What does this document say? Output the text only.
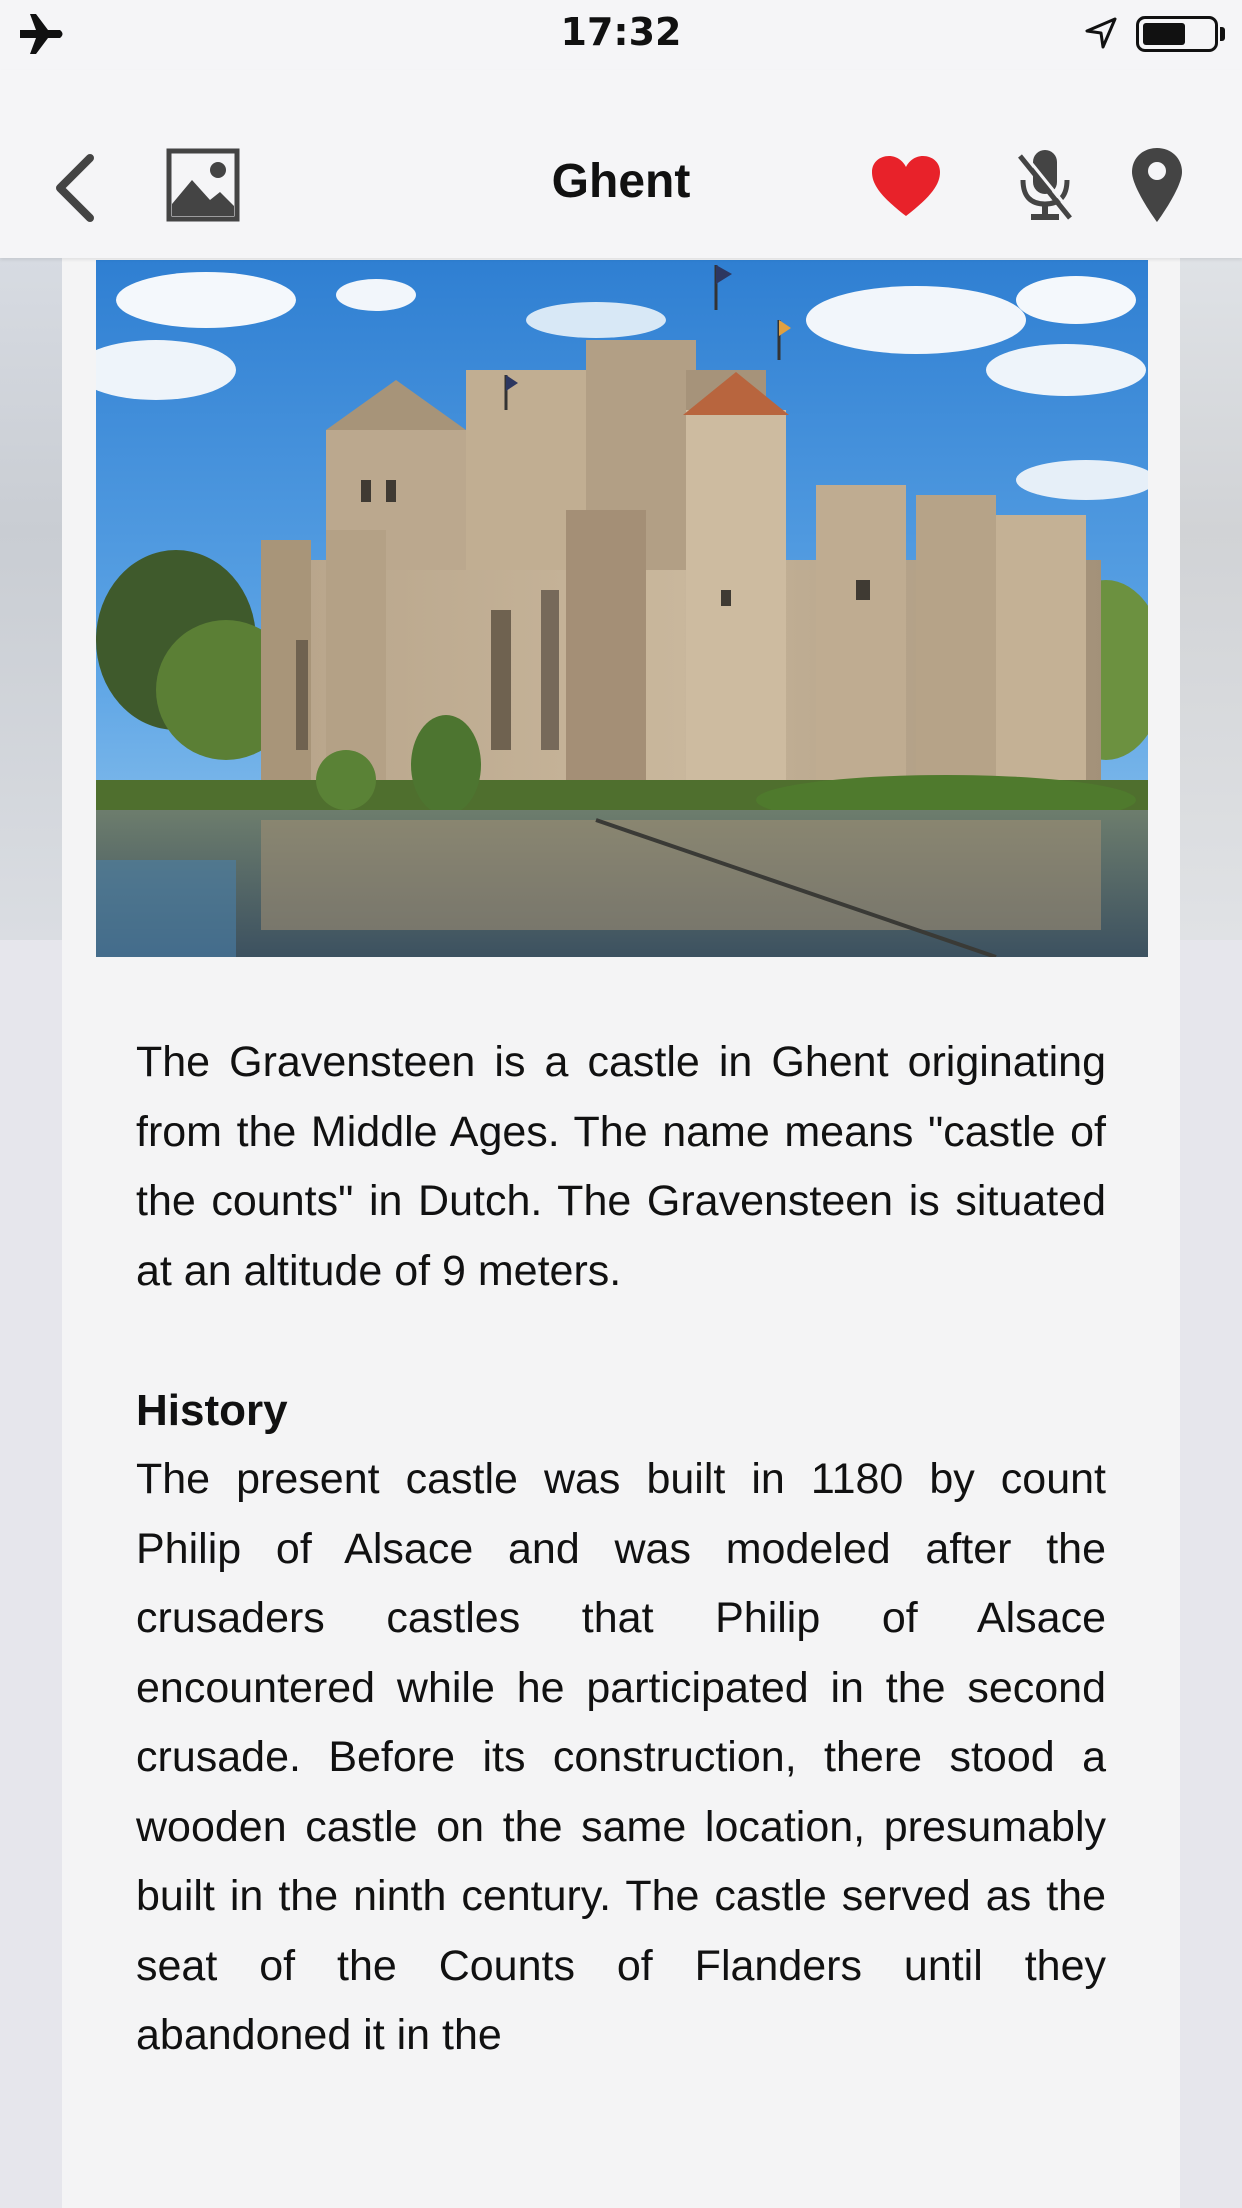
17:32
Ghent

The Gravensteen is a castle in Ghent originating from the Middle Ages. The name means "castle of the counts" in Dutch. The Gravensteen is situated at an altitude of 9 meters.

History

The present castle was built in 1180 by count Philip of Alsace and was modeled after the crusaders castles that Philip of Alsace encountered while he participated in the second crusade. Before its construction, there stood a wooden castle on the same location, presumably built in the ninth century. The castle served as the seat of the Counts of Flanders until they abandoned it in the
